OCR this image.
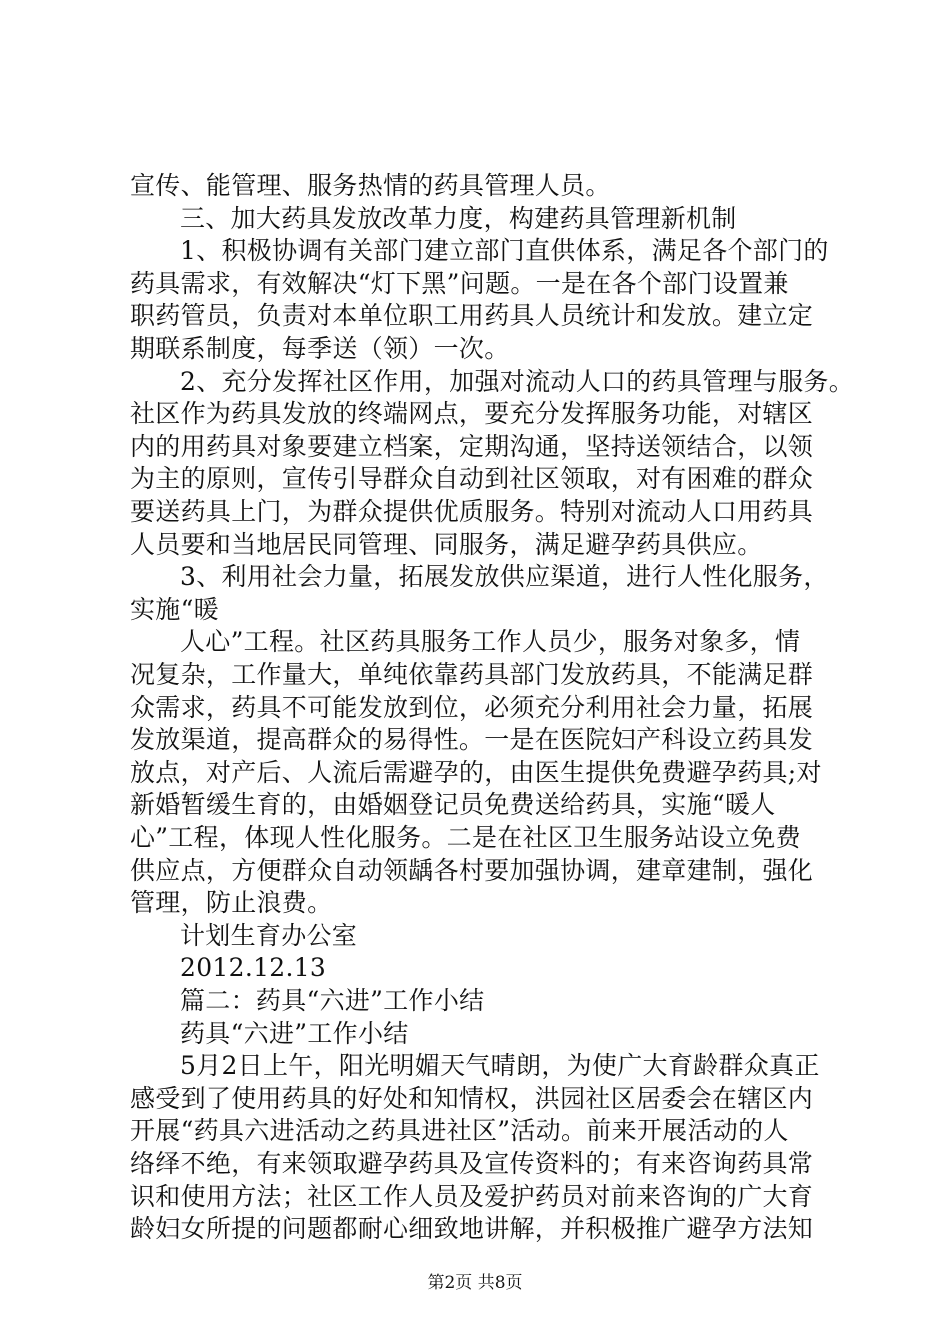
宣传、能管理、服务热情的药具管理人员。
三、加大药具发放改革力度，构建药具管理新机制
1、积极协调有关部门建立部门直供体系，满足各个部门的
药具需求，有效解决“灯下黑”问题。一是在各个部门设置兼
职药管员，负责对本单位职工用药具人员统计和发放。建立定
期联系制度，每季送（领）一次。
2、充分发挥社区作用，加强对流动人口的药具管理与服务。
社区作为药具发放的终端网点，要充分发挥服务功能，对辖区
内的用药具对象要建立档案，定期沟通，坚持送领结合，以领
为主的原则，宣传引导群众自动到社区领取，对有困难的群众
要送药具上门，为群众提供优质服务。特别对流动人口用药具
人员要和当地居民同管理、同服务，满足避孕药具供应。
3、利用社会力量，拓展发放供应渠道，进行人性化服务，
实施“暖
人心”工程。社区药具服务工作人员少，服务对象多，情
况复杂，工作量大，单纯依靠药具部门发放药具，不能满足群
众需求，药具不可能发放到位，必须充分利用社会力量，拓展
发放渠道，提高群众的易得性。一是在医院妇产科设立药具发
放点，对产后、人流后需避孕的，由医生提供免费避孕药具;对
新婚暂缓生育的，由婚姻登记员免费送给药具，实施“暖人
心”工程，体现人性化服务。二是在社区卫生服务站设立免费
供应点，方便群众自动领龋各村要加强协调，建章建制，强化
管理，防止浪费。
计划生育办公室
2012.12.13
篇二：药具“六进”工作小结
药具“六进”工作小结
5月2日上午，阳光明媚天气晴朗，为使广大育龄群众真正
感受到了使用药具的好处和知情权，洪园社区居委会在辖区内
开展“药具六进活动之药具进社区”活动。前来开展活动的人
络绎不绝，有来领取避孕药具及宣传资料的；有来咨询药具常
第2页 共8页
识和使用方法；社区工作人员及爱护药员对前来咨询的广大育
龄妇女所提的问题都耐心细致地讲解，并积极推广避孕方法知
